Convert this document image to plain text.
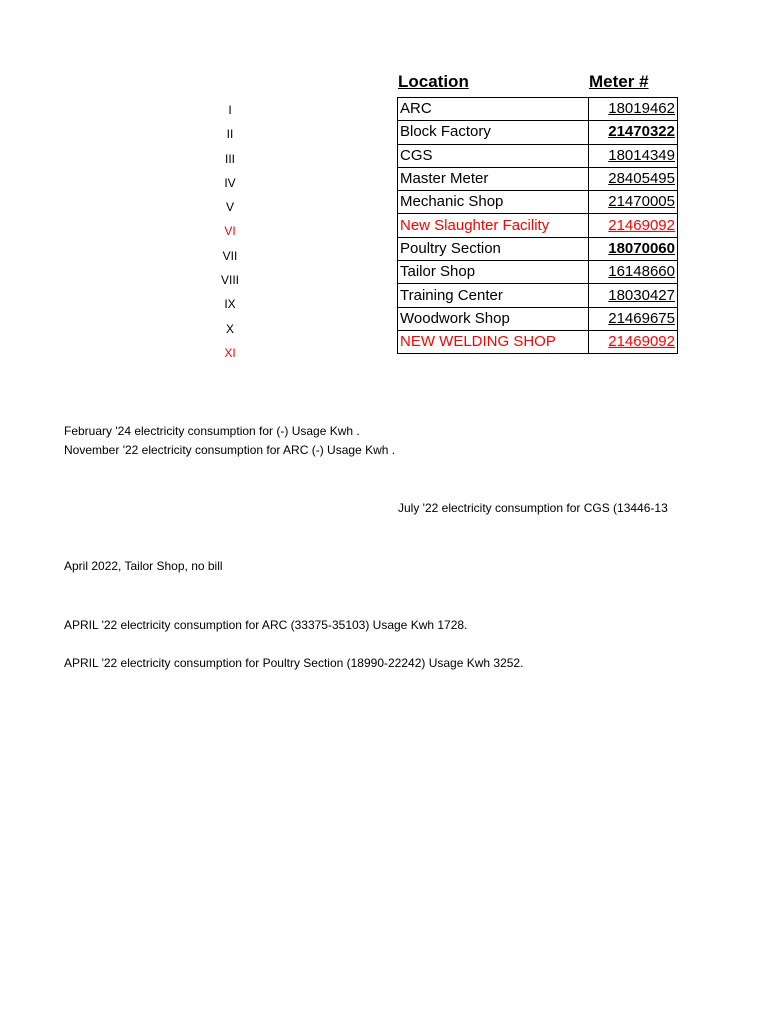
Location	Meter #
I
II
III
IV
V
VI
VII
VIII
IX
X
XI
ARC	18019462
Block Factory	21470322
CGS	18014349
Master Meter	28405495
Mechanic Shop	21470005
New Slaughter Facility	21469092
Poultry Section	18070060
Tailor Shop	16148660
Training Center	18030427
Woodwork Shop	21469675
NEW WELDING SHOP	21469092
February '24 electricity consumption for (-) Usage Kwh .
November '22 electricity consumption for ARC (-) Usage Kwh .
July '22 electricity consumption for CGS (13446-13
April 2022, Tailor Shop, no bill
APRIL '22 electricity consumption for ARC (33375-35103) Usage Kwh 1728.
APRIL '22 electricity consumption for Poultry Section (18990-22242) Usage Kwh 3252.
